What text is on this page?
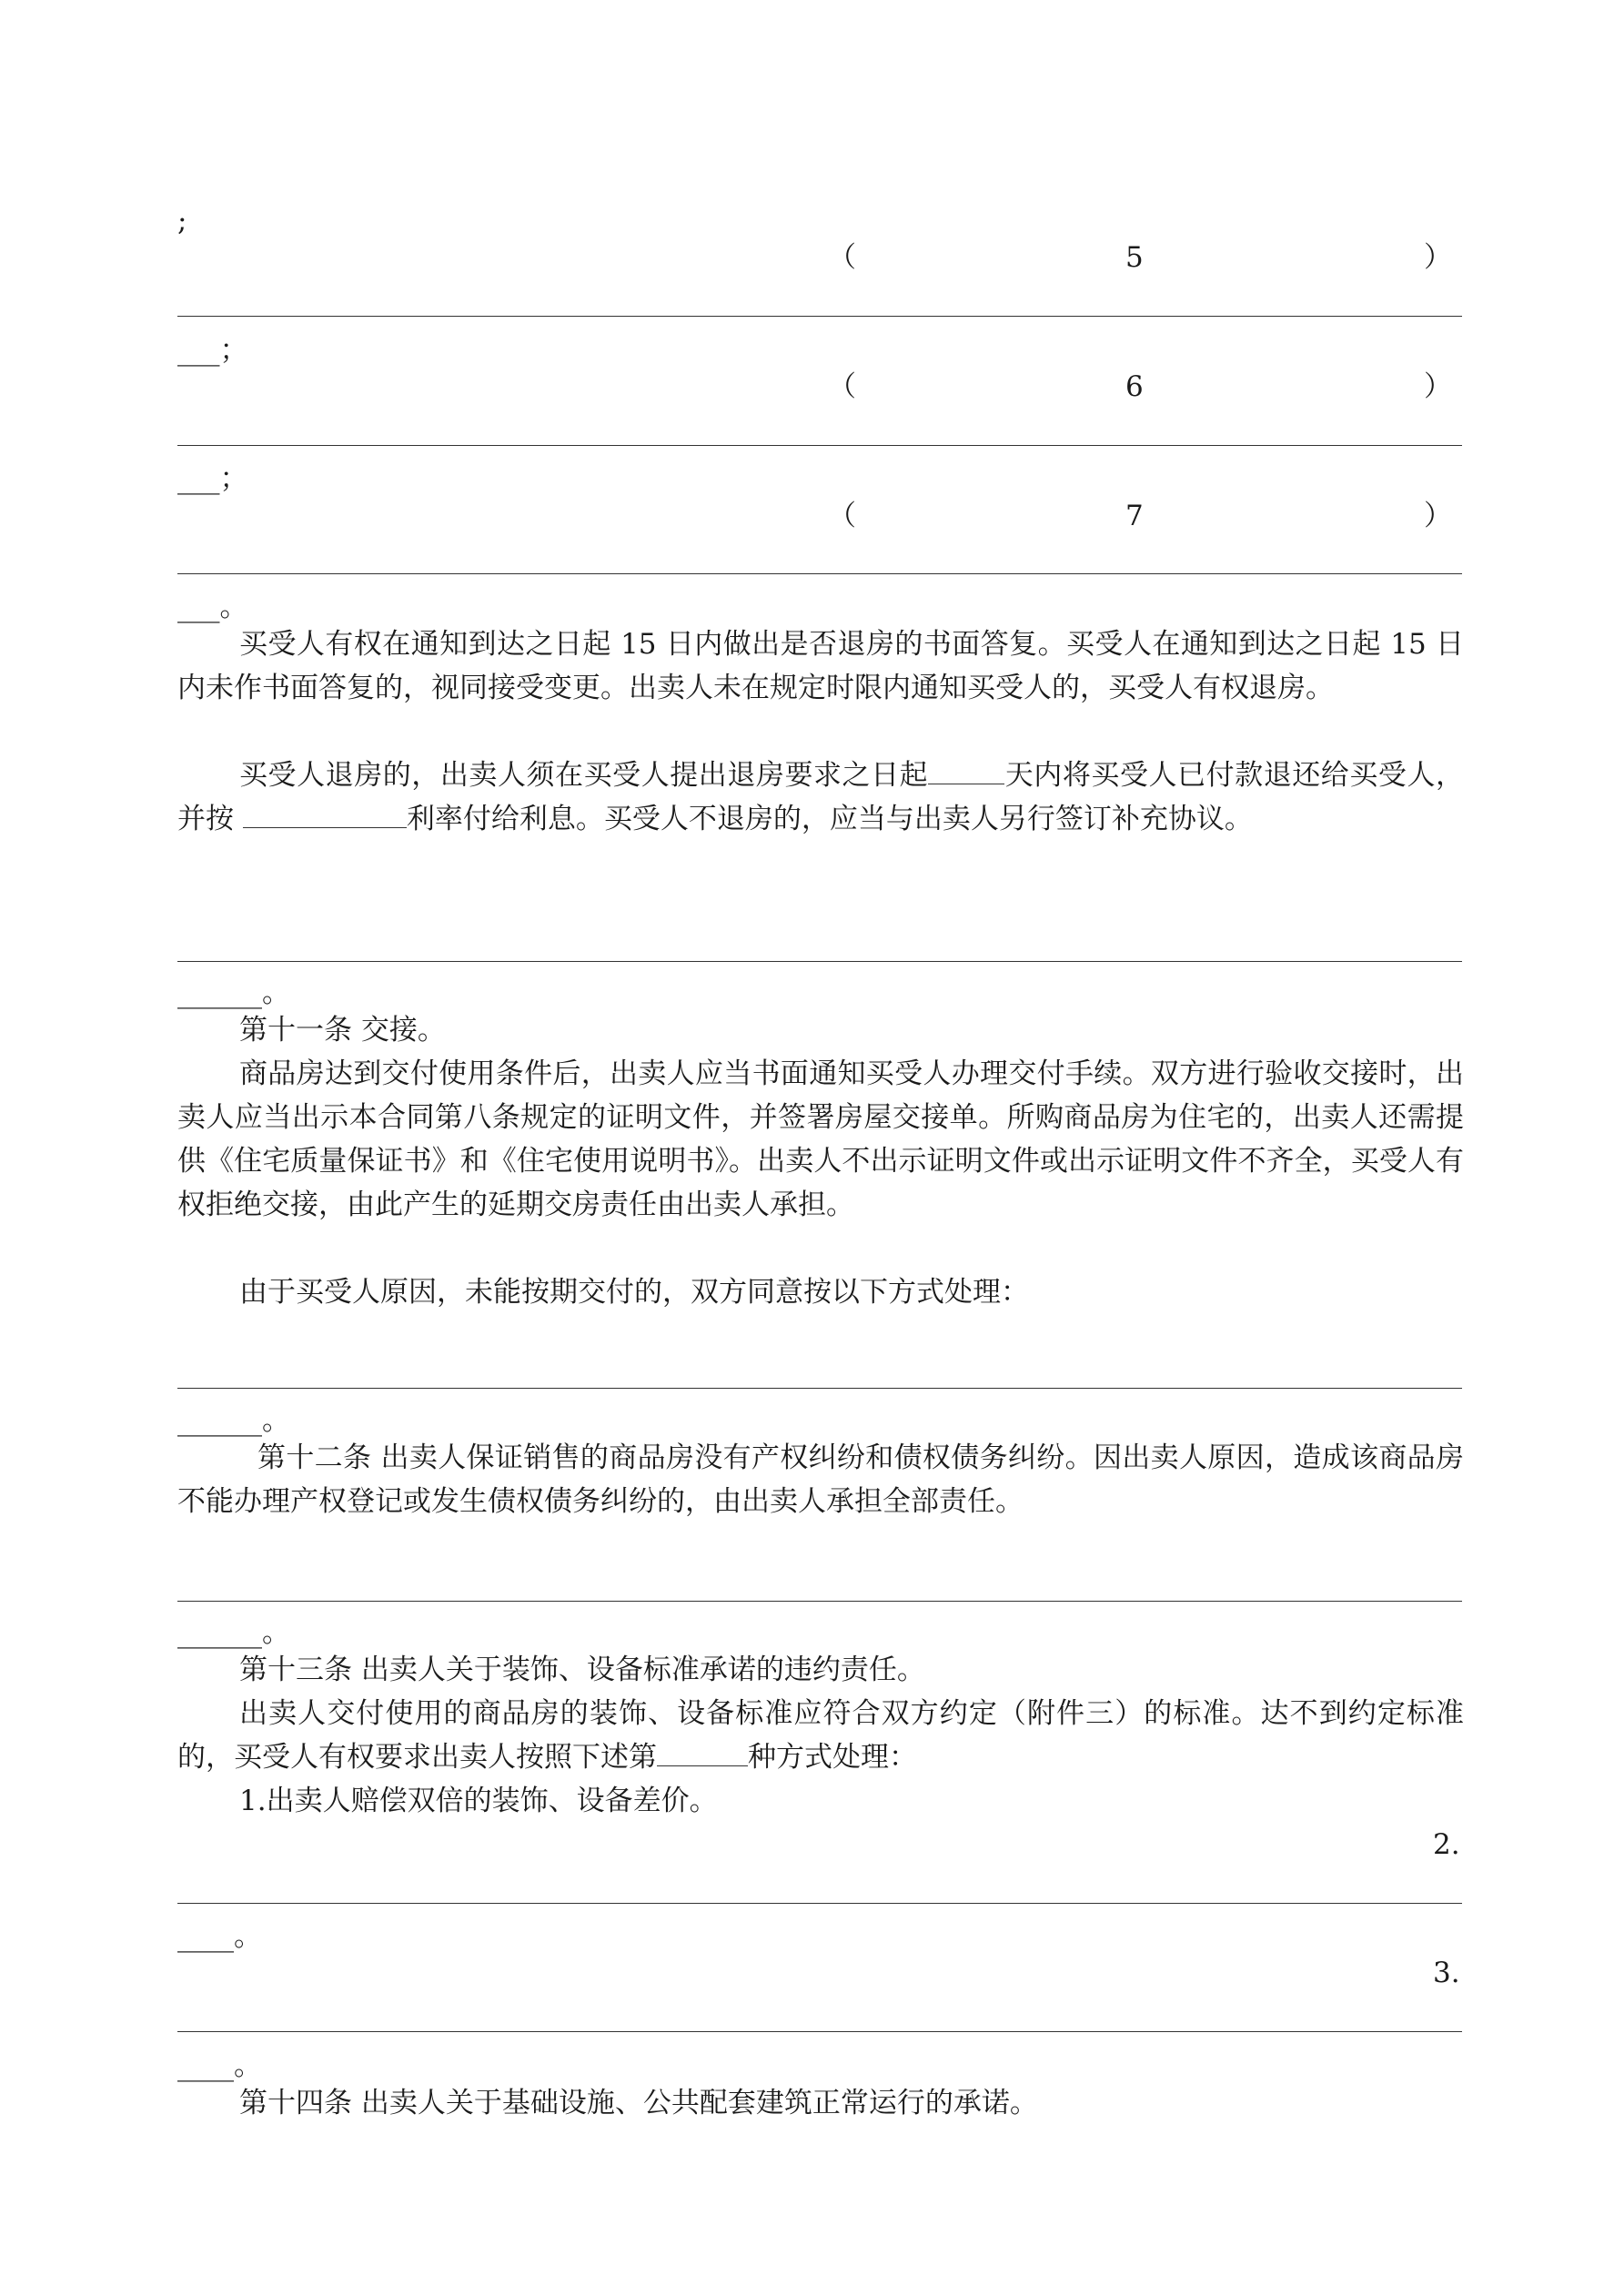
;
（	5	）
___；
（	6	）
___；
（	7	）
___。
买受人有权在通知到达之日起 15 日内做出是否退房的书面答复。买受人在通知到达之日起 15 日内未作书面答复的，视同接受变更。出卖人未在规定时限内通知买受人的，买受人有权退房。
买受人退房的，出卖人须在买受人提出退房要求之日起	天内将买受人已付款退还给买受人，并按	利率付给利息。买受人不退房的，应当与出卖人另行签订补充协议。
______。
第十一条 交接。
商品房达到交付使用条件后，出卖人应当书面通知买受人办理交付手续。双方进行验收交接时，出卖人应当出示本合同第八条规定的证明文件，并签署房屋交接单。所购商品房为住宅的，出卖人还需提供《住宅质量保证书》和《住宅使用说明书》。出卖人不出示证明文件或出示证明文件不齐全，买受人有权拒绝交接，由此产生的延期交房责任由出卖人承担。
由于买受人原因，未能按期交付的，双方同意按以下方式处理：
______。
第十二条 出卖人保证销售的商品房没有产权纠纷和债权债务纠纷。因出卖人原因，造成该商品房不能办理产权登记或发生债权债务纠纷的，由出卖人承担全部责任。
______。
第十三条 出卖人关于装饰、设备标准承诺的违约责任。
出卖人交付使用的商品房的装饰、设备标准应符合双方约定（附件三）的标准。达不到约定标准的，买受人有权要求出卖人按照下述第	种方式处理：
1.出卖人赔偿双倍的装饰、设备差价。
2.
____。
3.
____。
第十四条 出卖人关于基础设施、公共配套建筑正常运行的承诺。
